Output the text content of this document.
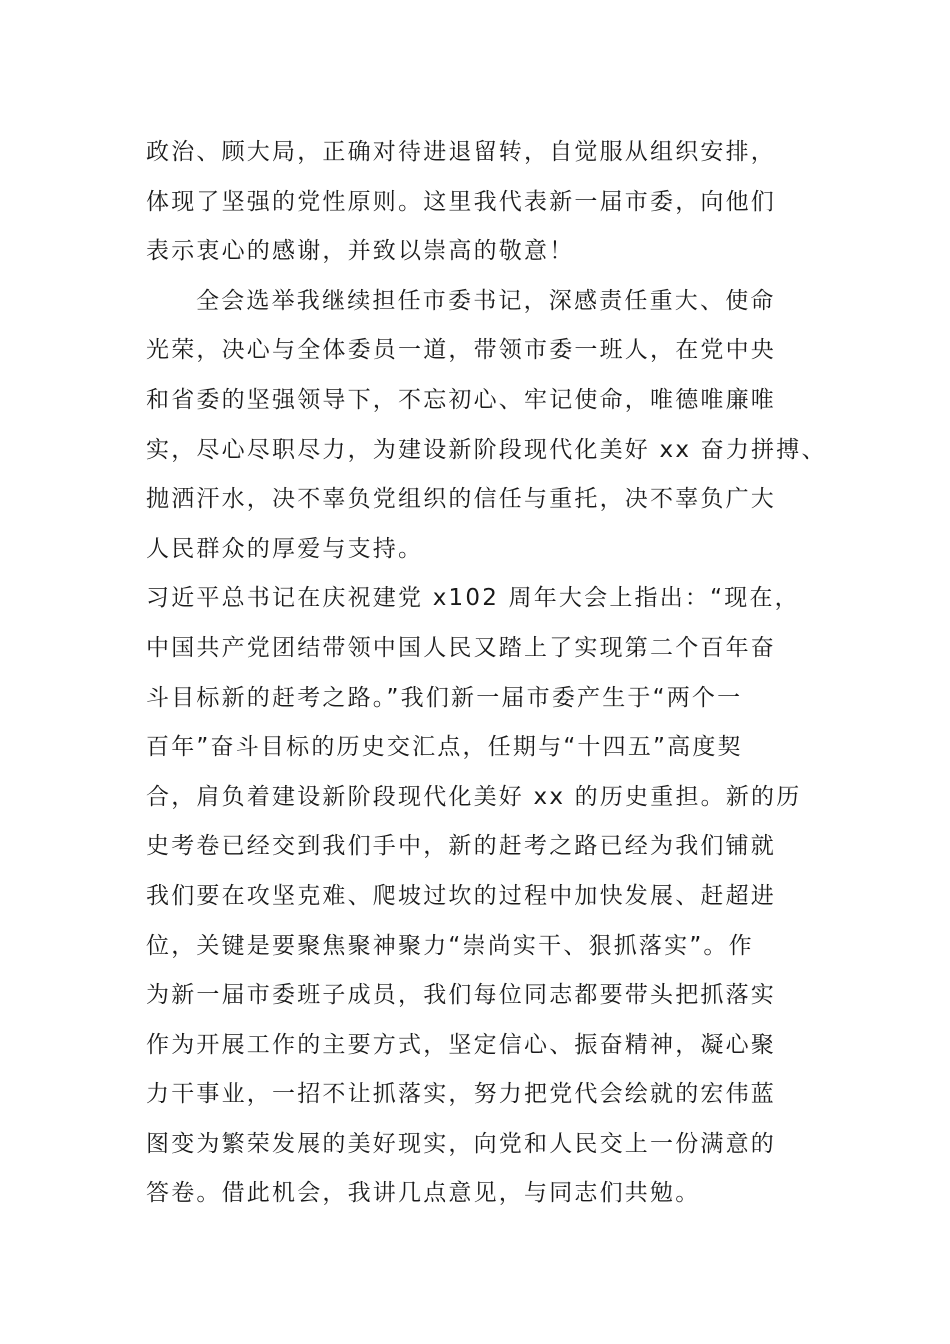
政治、顾大局，正确对待进退留转，自觉服从组织安排，
体现了坚强的党性原则。这里我代表新一届市委，向他们
表示衷心的感谢，并致以崇高的敬意！
全会选举我继续担任市委书记，深感责任重大、使命
光荣，决心与全体委员一道，带领市委一班人，在党中央
和省委的坚强领导下，不忘初心、牢记使命，唯德唯廉唯
实，尽心尽职尽力，为建设新阶段现代化美好 xx 奋力拼搏、
抛洒汗水，决不辜负党组织的信任与重托，决不辜负广大
人民群众的厚爱与支持。
习近平总书记在庆祝建党 x102 周年大会上指出：“现在，
中国共产党团结带领中国人民又踏上了实现第二个百年奋
斗目标新的赶考之路。”我们新一届市委产生于“两个一
百年”奋斗目标的历史交汇点，任期与“十四五”高度契
合，肩负着建设新阶段现代化美好 xx 的历史重担。新的历
史考卷已经交到我们手中，新的赶考之路已经为我们铺就
我们要在攻坚克难、爬坡过坎的过程中加快发展、赶超进
位，关键是要聚焦聚神聚力“崇尚实干、狠抓落实”。作
为新一届市委班子成员，我们每位同志都要带头把抓落实
作为开展工作的主要方式，坚定信心、振奋精神，凝心聚
力干事业，一招不让抓落实，努力把党代会绘就的宏伟蓝
图变为繁荣发展的美好现实，向党和人民交上一份满意的
答卷。借此机会，我讲几点意见，与同志们共勉。
